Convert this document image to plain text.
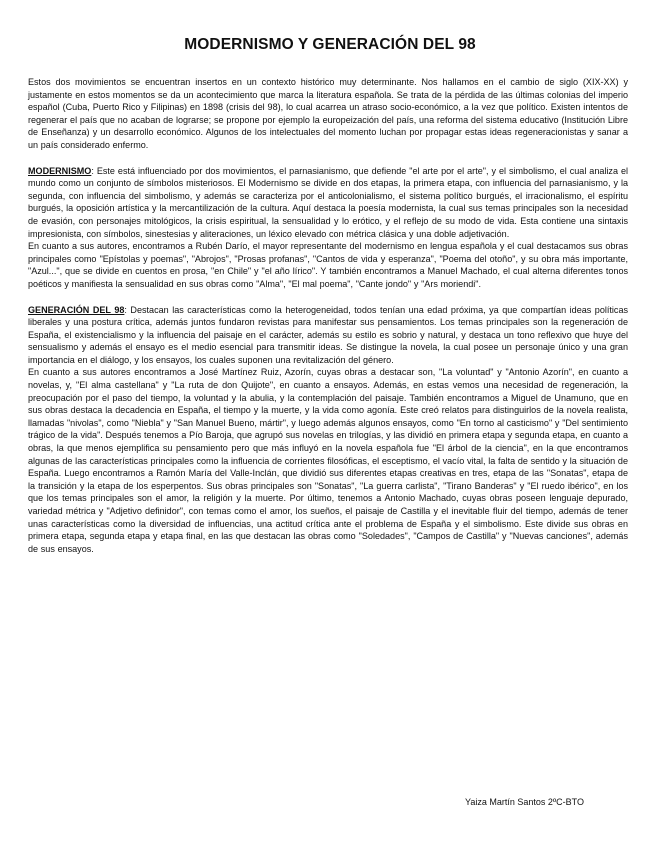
MODERNISMO Y GENERACIÓN DEL 98

Estos dos movimientos se encuentran insertos en un contexto histórico muy determinante. Nos hallamos en el cambio de siglo (XIX-XX) y justamente en estos momentos se da un acontecimiento que marca la literatura española. Se trata de la pérdida de las últimas colonias del imperio español (Cuba, Puerto Rico y Filipinas) en 1898 (crisis del 98), lo cual acarrea un atraso socio-económico, a la vez que político. Existen intentos de regenerar el país que no acaban de lograrse; se propone por ejemplo la europeización del país, una reforma del sistema educativo (Institución Libre de Enseñanza) y un desarrollo económico. Algunos de los intelectuales del momento luchan por propagar estas ideas regeneracionistas y sanar a un país considerado enfermo.

MODERNISMO: Este está influenciado por dos movimientos, el parnasianismo, que defiende "el arte por el arte", y el simbolismo, el cual analiza el mundo como un conjunto de símbolos misteriosos. El Modernismo se divide en dos etapas, la primera etapa, con influencia del parnasianismo, y la segunda, con influencia del simbolismo, y además se caracteriza por el anticolonialismo, el sistema político burgués, el irracionalismo, el espíritu burgués, la oposición artística y la mercantilización de la cultura. Aquí destaca la poesía modernista, la cual sus temas principales son la necesidad de evasión, con personajes mitológicos, la crisis espiritual, la sensualidad y lo erótico, y el reflejo de su modo de vida. Esta contiene una sintaxis impresionista, con símbolos, sinestesias y aliteraciones, un léxico elevado con métrica clásica y una doble adjetivación.

En cuanto a sus autores, encontramos a Rubén Darío, el mayor representante del modernismo en lengua española y el cual destacamos sus obras principales como "Epístolas y poemas", "Abrojos", "Prosas profanas", "Cantos de vida y esperanza", "Poema del otoño", y su obra más importante, "Azul...", que se divide en cuentos en prosa, "en Chile" y "el año lírico". Y también encontramos a Manuel Machado, el cual alterna diferentes tonos poéticos y manifiesta la sensualidad en sus obras como "Alma", "El mal poema", "Cante jondo" y "Ars moriendi".

GENERACIÓN DEL 98: Destacan las características como la heterogeneidad, todos tenían una edad próxima, ya que compartían ideas políticas liberales y una postura crítica, además juntos fundaron revistas para manifestar sus pensamientos. Los temas principales son la regeneración de España, el existencialismo y la influencia del paisaje en el carácter, además su estilo es sobrio y natural, y destaca un tono reflexivo que huye del sensualismo y además el ensayo es el medio esencial para transmitir ideas. Se distingue la novela, la cual posee un personaje único y una gran importancia en el diálogo, y los ensayos, los cuales suponen una revitalización del género.

En cuanto a sus autores encontramos a José Martínez Ruiz, Azorín, cuyas obras a destacar son, "La voluntad" y "Antonio Azorín", en cuanto a novelas, y, "El alma castellana" y "La ruta de don Quijote", en cuanto a ensayos. Además, en estas vemos una necesidad de regeneración, la preocupación por el paso del tiempo, la voluntad y la abulia, y la contemplación del paisaje. También encontramos a Miguel de Unamuno, que en sus obras destaca la decadencia en España, el tiempo y la muerte, y la vida como agonía. Este creó relatos para distinguirlos de la novela realista, llamadas "nivolas", como "Niebla" y "San Manuel Bueno, mártir", y luego además algunos ensayos, como "En torno al casticismo" y "Del sentimiento trágico de la vida". Después tenemos a Pío Baroja, que agrupó sus novelas en trilogías, y las dividió en primera etapa y segunda etapa, en cuanto a obras, la que menos ejemplifica su pensamiento pero que más influyó en la novela española fue "El árbol de la ciencia", en la que encontramos algunas de las características principales como la influencia de corrientes filosóficas, el esceptismo, el vacío vital, la falta de sentido y la situación de España. Luego encontramos a Ramón María del Valle-Inclán, que dividió sus diferentes etapas creativas en tres, etapa de las "Sonatas", etapa de la transición y la etapa de los esperpentos. Sus obras principales son "Sonatas", "La guerra carlista", "Tirano Banderas" y "El ruedo ibérico", en los que los temas principales son el amor, la religión y la muerte. Por último, tenemos a Antonio Machado, cuyas obras poseen lenguaje depurado, variedad métrica y "Adjetivo definidor", con temas como el amor, los sueños, el paisaje de Castilla y el inevitable fluir del tiempo, además de tener unas características como la diversidad de influencias, una actitud crítica ante el problema de España y el simbolismo. Este divide sus obras en primera etapa, segunda etapa y etapa final, en las que destacan las obras como "Soledades", "Campos de Castilla" y "Nuevas canciones", además de sus ensayos.

Yaiza Martín Santos 2ºC-BTO
